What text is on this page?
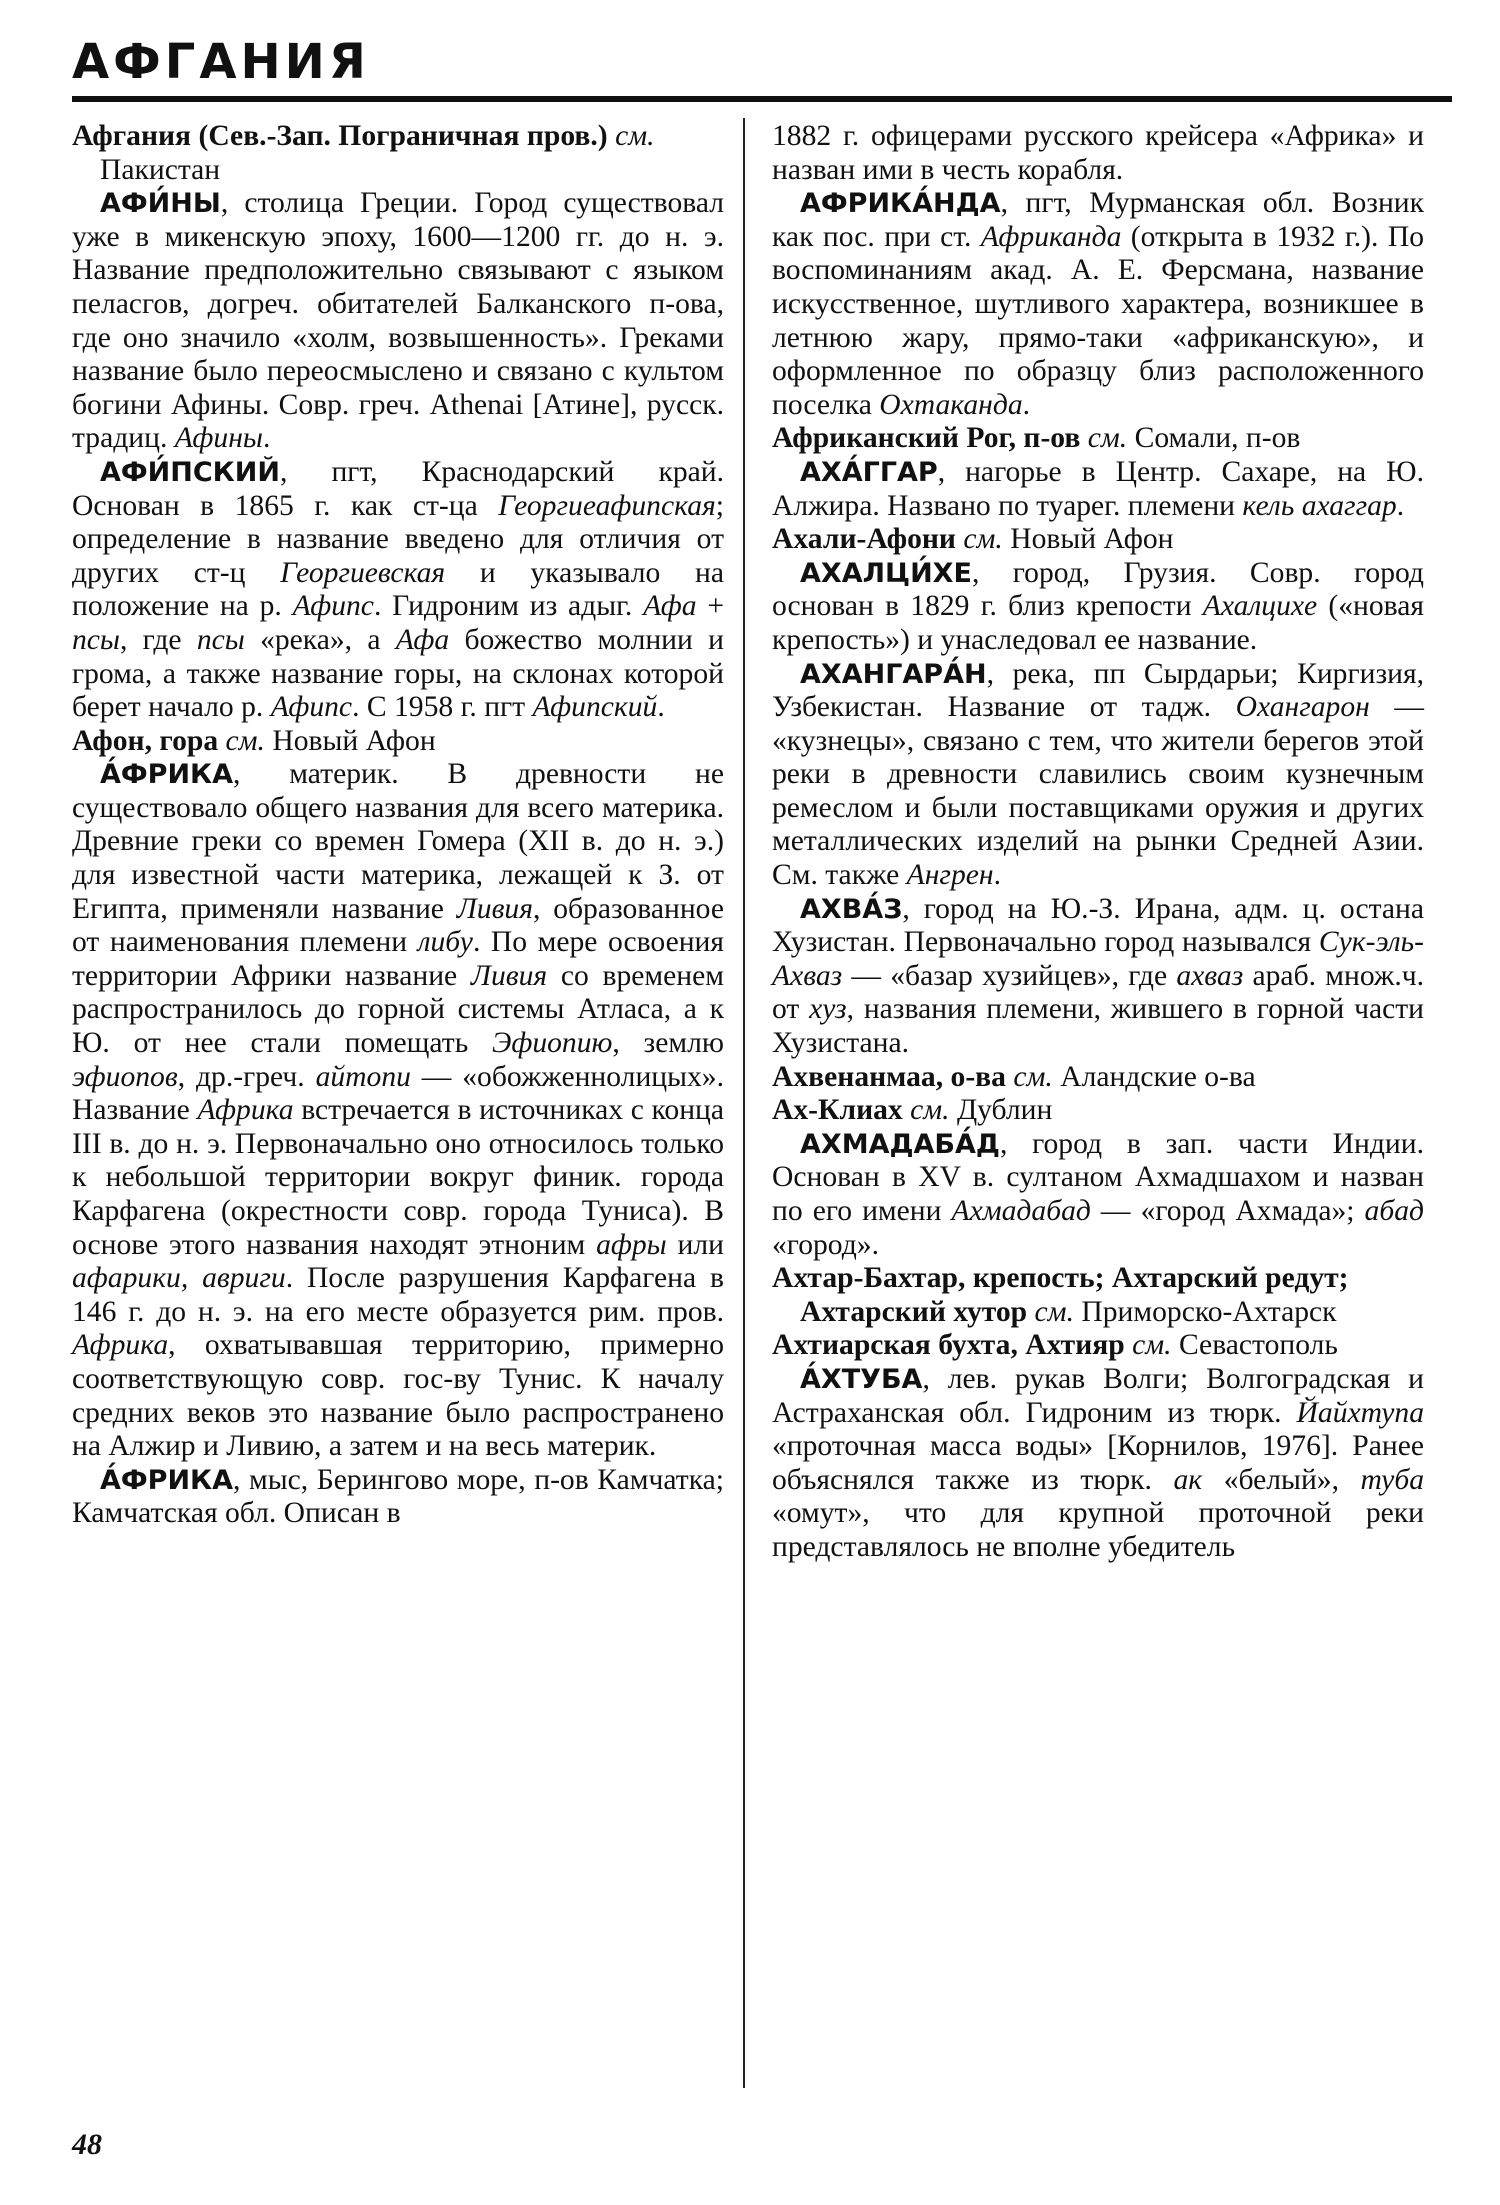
АФГАНИЯ

Афгания (Сев.-Зап. Пограничная пров.) см. Пакистан

АФИ́НЫ, столица Греции. Город существовал уже в микенскую эпоху, 1600—1200 гг. до н. э. Название предположительно связывают с языком пеласгов, догреч. обитателей Балканского п-ова, где оно значило «холм, возвышенность». Греками название было переосмыслено и связано с культом богини Афины. Совр. греч. Athenai [Атине], русск. традиц. Афины.

АФИ́ПСКИЙ, пгт, Краснодарский край. Основан в 1865 г. как ст-ца Георгиеафипская; определение в название введено для отличия от других ст-ц Георгиевская и указывало на положение на р. Афипс. Гидроним из адыг. Афа + псы, где псы «река», а Афа божество молнии и грома, а также название горы, на склонах которой берет начало р. Афипс. С 1958 г. пгт Афипский.

Афон, гора см. Новый Афон

А́ФРИКА, материк. В древности не существовало общего названия для всего материка. Древние греки со времен Гомера (XII в. до н. э.) для известной части материка, лежащей к З. от Египта, применяли название Ливия, образованное от наименования племени либу. По мере освоения территории Африки название Ливия со временем распространилось до горной системы Атласа, а к Ю. от нее стали помещать Эфиопию, землю эфиопов, др.-греч. айтопи — «обожженнолицых». Название Африка встречается в источниках с конца III в. до н. э. Первоначально оно относилось только к небольшой территории вокруг финик. города Карфагена (окрестности совр. города Туниса). В основе этого названия находят этноним афры или афарики, авриги. После разрушения Карфагена в 146 г. до н. э. на его месте образуется рим. пров. Африка, охватывавшая территорию, примерно соответствующую совр. гос-ву Тунис. К началу средних веков это название было распространено на Алжир и Ливию, а затем и на весь материк.

А́ФРИКА, мыс, Берингово море, п-ов Камчатка; Камчатская обл. Описан в

1882 г. офицерами русского крейсера «Африка» и назван ими в честь корабля.

АФРИКА́НДА, пгт, Мурманская обл. Возник как пос. при ст. Африканда (открыта в 1932 г.). По воспоминаниям акад. А. Е. Ферсмана, название искусственное, шутливого характера, возникшее в летнюю жару, прямо-таки «африканскую», и оформленное по образцу близ расположенного поселка Охтаканда.

Африканский Рог, п-ов см. Сомали, п-ов

АХА́ГГАР, нагорье в Центр. Сахаре, на Ю. Алжира. Названо по туарег. племени кель ахаггар.

Ахали-Афони см. Новый Афон

АХАЛЦИ́ХЕ, город, Грузия. Совр. город основан в 1829 г. близ крепости Ахалцихе («новая крепость») и унаследовал ее название.

АХАНГАРА́Н, река, пп Сырдарьи; Киргизия, Узбекистан. Название от тадж. Охангарон — «кузнецы», связано с тем, что жители берегов этой реки в древности славились своим кузнечным ремеслом и были поставщиками оружия и других металлических изделий на рынки Средней Азии. См. также Ангрен.

АХВА́З, город на Ю.-З. Ирана, адм. ц. остана Хузистан. Первоначально город назывался Сук-эль-Ахваз — «базар хузийцев», где ахваз араб. множ.ч. от хуз, названия племени, жившего в горной части Хузистана.

Ахвенанмаа, о-ва см. Аландские о-ва

Ах-Клиах см. Дублин

АХМАДАБА́Д, город в зап. части Индии. Основан в XV в. султаном Ахмадшахом и назван по его имени Ахмадабад — «город Ахмада»; абад «город».

Ахтар-Бахтар, крепость; Ахтарский редут; Ахтарский хутор см. Приморско-Ахтарск

Ахтиарская бухта, Ахтияр см. Севастополь

А́ХТУБА, лев. рукав Волги; Волгоградская и Астраханская обл. Гидроним из тюрк. Йайхтупа «проточная масса воды» [Корнилов, 1976]. Ранее объяснялся также из тюрк. ак «белый», туба «омут», что для крупной проточной реки представлялось не вполне убедитель

48
